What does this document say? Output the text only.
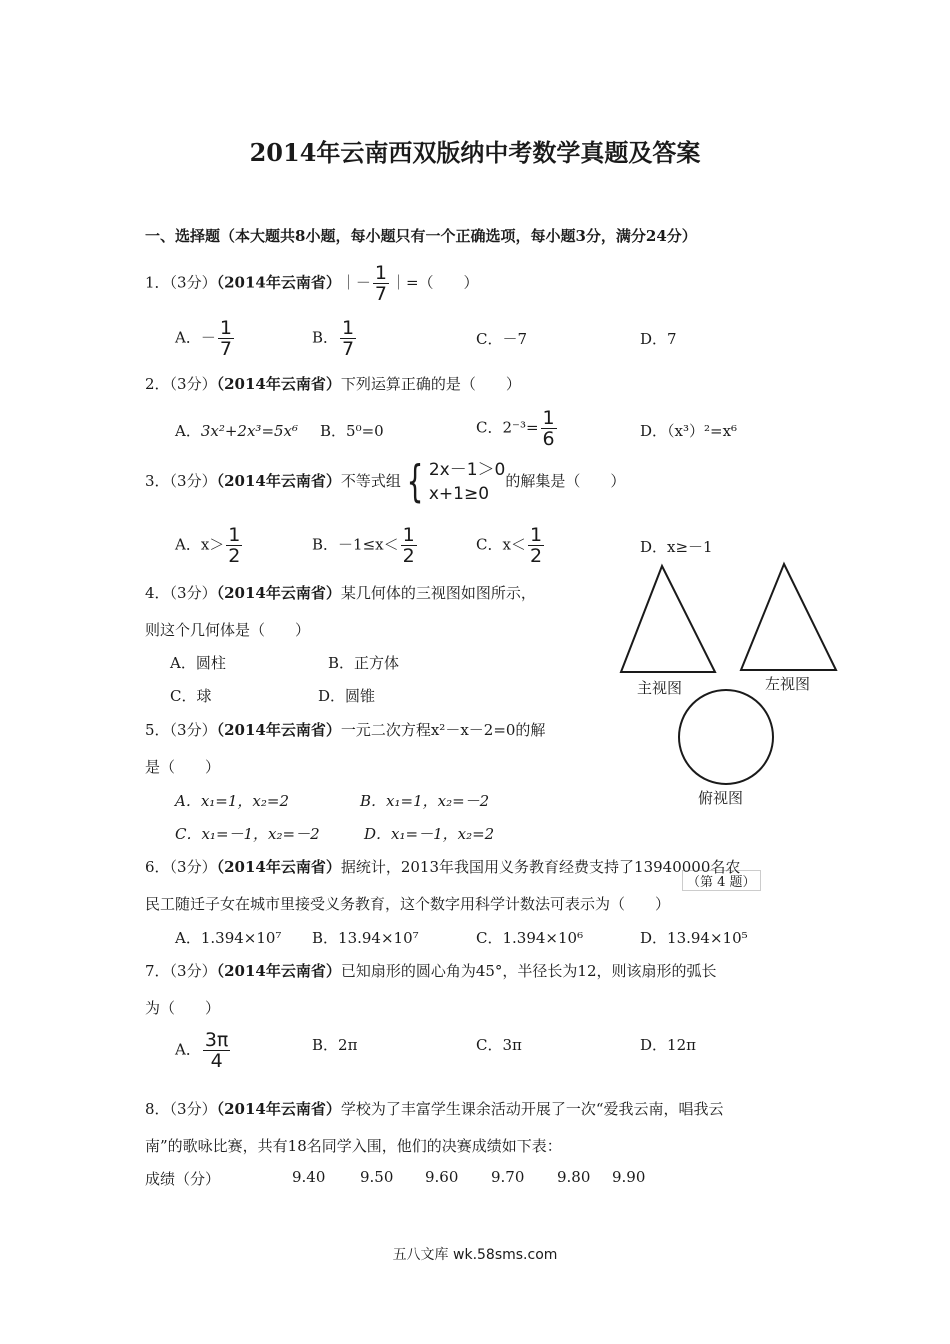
2014年云南西双版纳中考数学真题及答案
一、选择题（本大题共8小题，每小题只有一个正确选项，每小题3分，满分24分）
1．（3分）（2014年云南省）｜－ $\frac{1}{7}$ ｜=（　　）
A．－ $\frac{1}{7}$	B． $\frac{1}{7}$	C．－7	D．7
2．（3分）（2014年云南省）下列运算正确的是（　　）
A．3x²+2x³=5x⁶ B．5⁰=0	C．$2^{-3}= \frac{1}{6}$	D．（x³）²=x⁶
3．（3分）（2014年云南省）不等式组 { 2x－1＞0
x+1≥0
的解集是（　　）
A．$x> \frac{1}{2}$	B．$-1\le x< \frac{1}{2}$	C．$x< \frac{1}{2}$	D．x≥－1
4．（3分）（2014年云南省）某几何体的三视图如图所示，
则这个几何体是（　　）
A．圆柱	B．正方体
C．球	D．圆锥	主视图	左视图
俯视图
（第 4 题）
5．（3分）（2014年云南省）一元二次方程x²－x－2=0的解
是（　　）
A．x₁=1，x₂=2	B．x₁=1，x₂=－2
C．x₁=－1，x₂=－2	D．x₁=－1，x₂=2
6．（3分）（2014年云南省）据统计，2013年我国用义务教育经费支持了13940000名农
民工随迁子女在城市里接受义务教育，这个数字用科学计数法可表示为（　　）
A．1.394×10⁷ B．13.94×10⁷	C．1.394×10⁶	D．13.94×10⁵
7．（3分）（2014年云南省）已知扇形的圆心角为45°，半径长为12，则该扇形的弧长
为（　　）
A． $\frac{3\pi}{4}$	B．2π	C．3π	D．12π
8．（3分）（2014年云南省）学校为了丰富学生课余活动开展了一次“爱我云南，唱我云
南”的歌咏比赛，共有18名同学入围，他们的决赛成绩如下表：
成绩（分）	9.40 9.50 9.60 9.70 9.80 9.90
五八文库 wk.58sms.com
